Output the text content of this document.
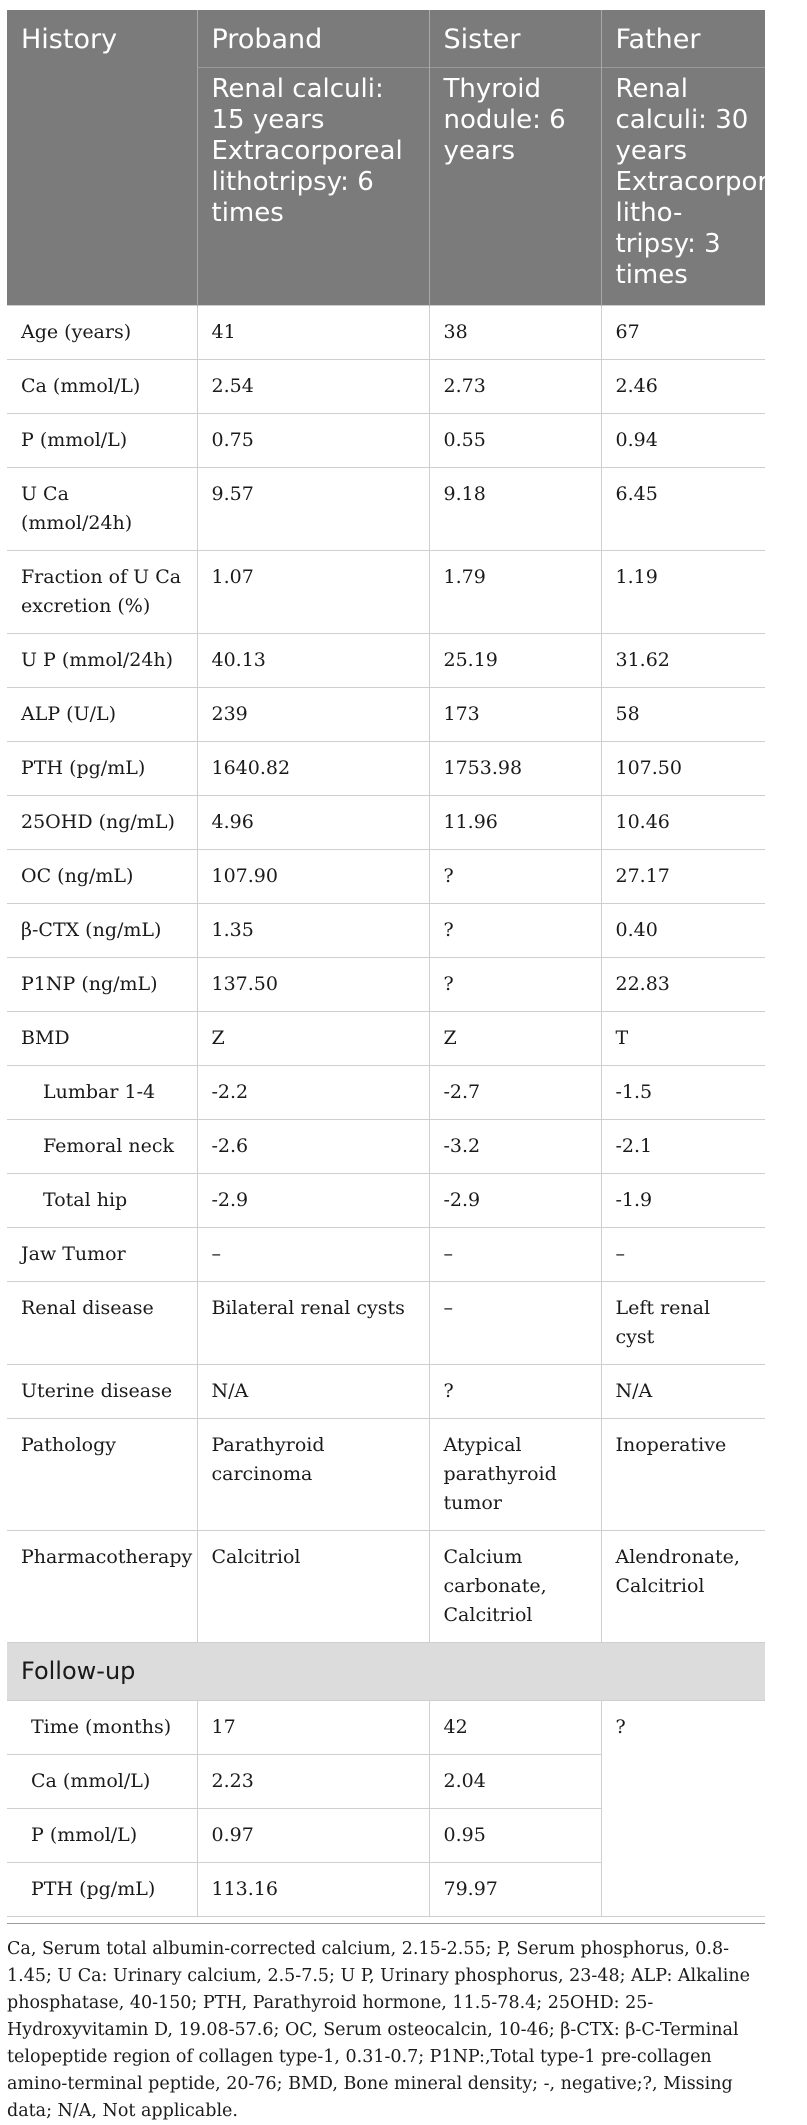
History	Proband	Sister	Father
	Renal calculi: 15 years Extracorporeal lithotripsy: 6 times	Thyroid nodule: 6 years	Renal calculi: 30 years Extracorporeal litho- tripsy: 3 times
Age (years)	41	38	67
Ca (mmol/L)	2.54	2.73	2.46
P (mmol/L)	0.75	0.55	0.94
U Ca (mmol/24h)	9.57	9.18	6.45
Fraction of U Ca excretion (%)	1.07	1.79	1.19
U P (mmol/24h)	40.13	25.19	31.62
ALP (U/L)	239	173	58
PTH (pg/mL)	1640.82	1753.98	107.50
25OHD (ng/mL)	4.96	11.96	10.46
OC (ng/mL)	107.90	?	27.17
β-CTX (ng/mL)	1.35	?	0.40
P1NP (ng/mL)	137.50	?	22.83
BMD	Z	Z	T
Lumbar 1-4	-2.2	-2.7	-1.5
Femoral neck	-2.6	-3.2	-2.1
Total hip	-2.9	-2.9	-1.9
Jaw Tumor	–	–	–
Renal disease	Bilateral renal cysts	–	Left renal cyst
Uterine disease	N/A	?	N/A
Pathology	Parathyroid carcinoma	Atypical parathyroid tumor	Inoperative
Pharmacotherapy	Calcitriol	Calcium carbonate, Calcitriol	Alendronate, Calcitriol
Follow-up			
Time (months)	17	42	?
Ca (mmol/L)	2.23	2.04	
P (mmol/L)	0.97	0.95	
PTH (pg/mL)	113.16	79.97	
Ca, Serum total albumin-corrected calcium, 2.15-2.55; P, Serum phosphorus, 0.8-1.45; U Ca: Urinary calcium, 2.5-7.5; U P, Urinary phosphorus, 23-48; ALP: Alkaline phosphatase, 40-150; PTH, Parathyroid hormone, 11.5-78.4; 25OHD: 25-Hydroxyvitamin D, 19.08-57.6; OC, Serum osteocalcin, 10-46; β-CTX: β-C-Terminal telopeptide region of collagen type-1, 0.31-0.7; P1NP:,Total type-1 pre-collagen amino-terminal peptide, 20-76; BMD, Bone mineral density; -, negative;?, Missing data; N/A, Not applicable.
